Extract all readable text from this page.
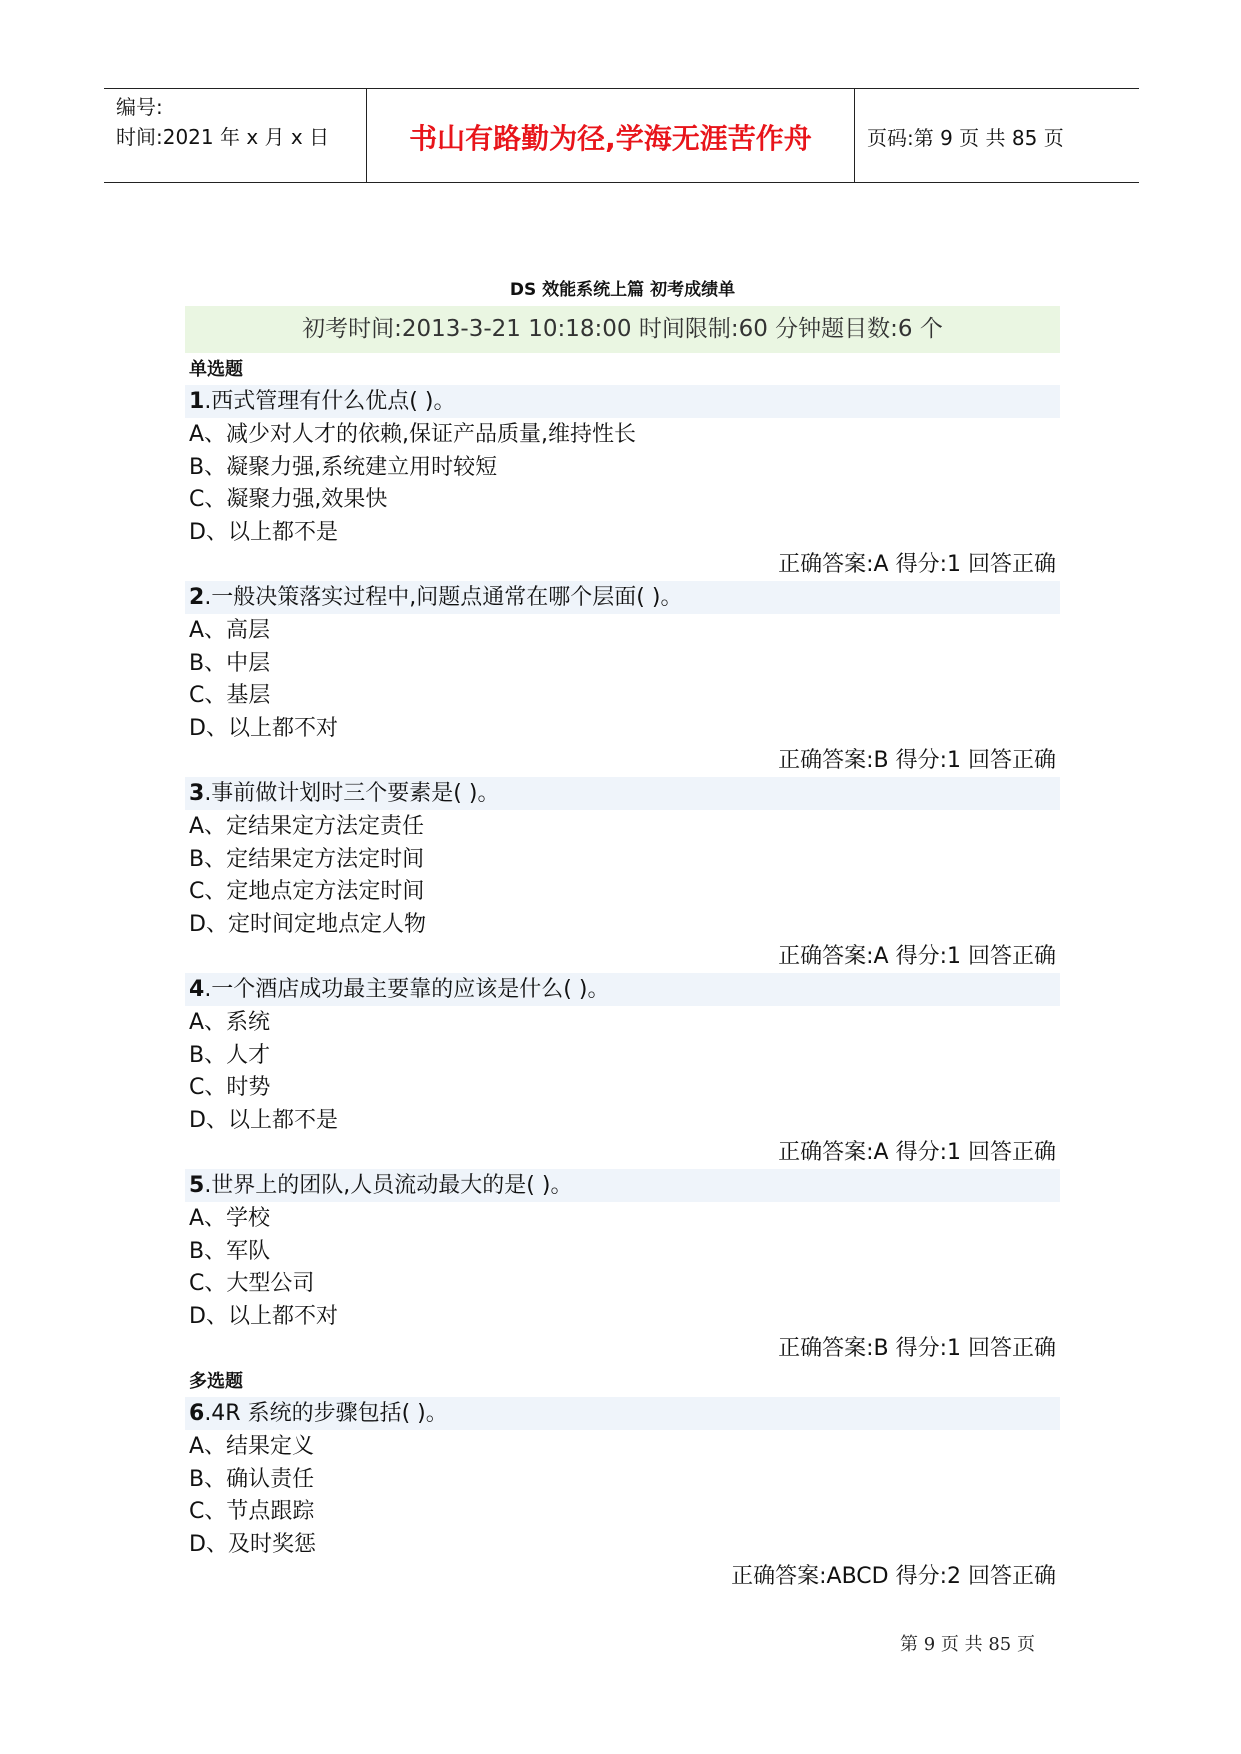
编号:
时间:2021 年 x 月 x 日	书山有路勤为径,学海无涯苦作舟	页码:第 9 页 共 85 页
DS 效能系统上篇 初考成绩单
初考时间:2013-3-21 10:18:00 时间限制:60 分钟题目数:6 个
单选题
1.西式管理有什么优点( )。
A、减少对人才的依赖,保证产品质量,维持性长
B、凝聚力强,系统建立用时较短
C、凝聚力强,效果快
D、以上都不是
正确答案:A 得分:1 回答正确
2.一般决策落实过程中,问题点通常在哪个层面( )。
A、高层
B、中层
C、基层
D、以上都不对
正确答案:B 得分:1 回答正确
3.事前做计划时三个要素是( )。
A、定结果定方法定责任
B、定结果定方法定时间
C、定地点定方法定时间
D、定时间定地点定人物
正确答案:A 得分:1 回答正确
4.一个酒店成功最主要靠的应该是什么( )。
A、系统
B、人才
C、时势
D、以上都不是
正确答案:A 得分:1 回答正确
5.世界上的团队,人员流动最大的是( )。
A、学校
B、军队
C、大型公司
D、以上都不对
正确答案:B 得分:1 回答正确
多选题
6.4R 系统的步骤包括( )。
A、结果定义
B、确认责任
C、节点跟踪
D、及时奖惩
正确答案:ABCD 得分:2 回答正确
第 9 页 共 85 页
